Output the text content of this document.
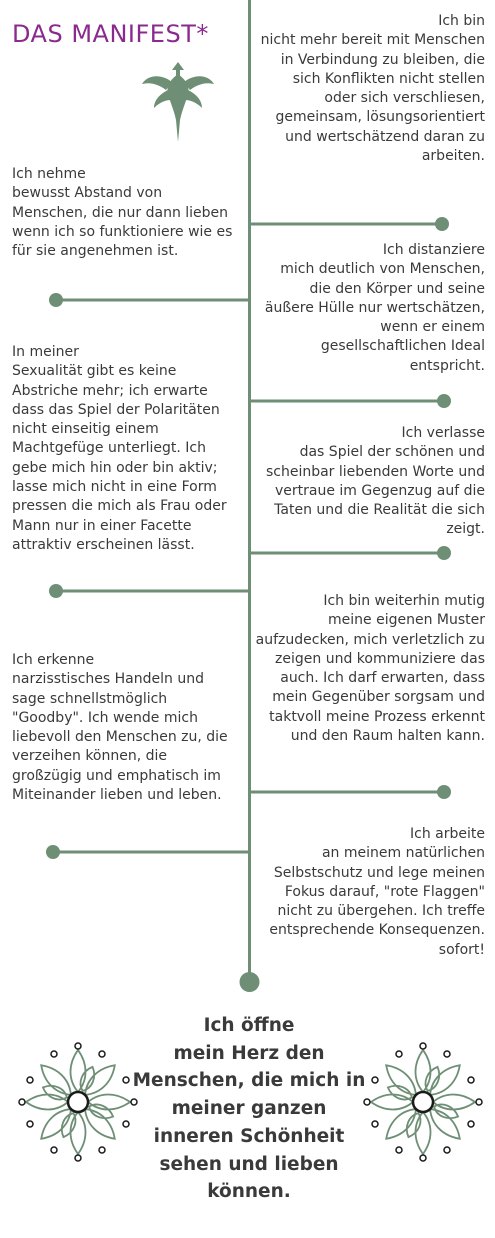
DAS MANIFEST*	Ich bin
nicht mehr bereit mit Menschen
in Verbindung zu bleiben, die
sich Konflikten nicht stellen
oder sich verschliesen,
gemeinsam, lösungsorientiert
und wertschätzend daran zu
arbeiten.

Ich nehme
bewusst Abstand von
Menschen, die nur dann lieben
wenn ich so funktioniere wie es
für sie angenehmen ist.	Ich distanziere
mich deutlich von Menschen,
die den Körper und seine
äußere Hülle nur wertschätzen,
wenn er einem
gesellschaftlichen Ideal
entspricht.

In meiner
Sexualität gibt es keine
Abstriche mehr; ich erwarte
dass das Spiel der Polaritäten
nicht einseitig einem
Machtgefüge unterliegt. Ich
gebe mich hin oder bin aktiv;
lasse mich nicht in eine Form
pressen die mich als Frau oder
Mann nur in einer Facette
attraktiv erscheinen lässt.

Ich verlasse
das Spiel der schönen und
scheinbar liebenden Worte und
vertraue im Gegenzug auf die
Taten und die Realität die sich
zeigt.

Ich bin weiterhin mutig
meine eigenen Muster
aufzudecken, mich verletzlich zu
zeigen und kommuniziere das
auch. Ich darf erwarten, dass
mein Gegenüber sorgsam und
taktvoll meine Prozess erkennt
und den Raum halten kann.

Ich erkenne
narzisstisches Handeln und
sage schnellstmöglich
"Goodby". Ich wende mich
liebevoll den Menschen zu, die
verzeihen können, die
großzügig und emphatisch im
Miteinander lieben und leben.

Ich arbeite
an meinem natürlichen
Selbstschutz und lege meinen
Fokus darauf, "rote Flaggen"
nicht zu übergehen. Ich treffe
entsprechende Konsequenzen.
sofort!

Ich öffne
mein Herz den
Menschen, die mich in
meiner ganzen
inneren Schönheit
sehen und lieben
können.
